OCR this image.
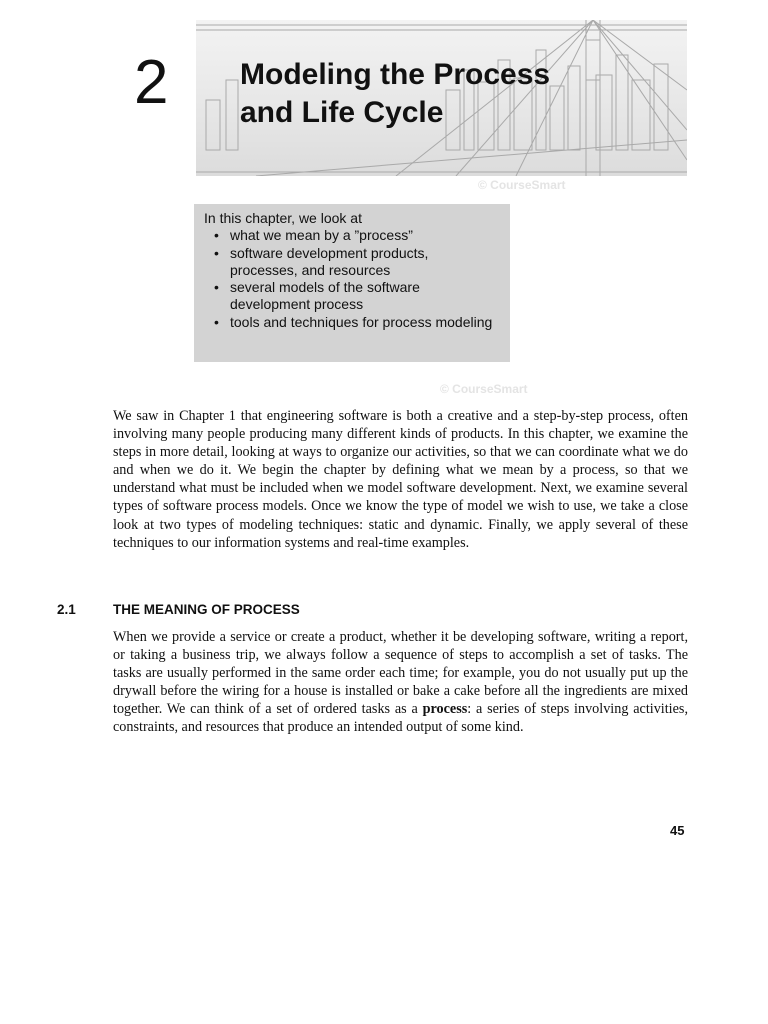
2 Modeling the Process
and Life Cycle
© CourseSmart
In this chapter, we look at
• what we mean by a ”process”
• software development products, processes, and resources
• several models of the software development process
• tools and techniques for process modeling
© CourseSmart

We saw in Chapter 1 that engineering software is both a creative and a step-by-step process, often involving many people producing many different kinds of products. In this chapter, we examine the steps in more detail, looking at ways to organize our activities, so that we can coordinate what we do and when we do it. We begin the chapter by defining what we mean by a process, so that we understand what must be included when we model software development. Next, we examine several types of software process models. Once we know the type of model we wish to use, we take a close look at two types of modeling techniques: static and dynamic. Finally, we apply several of these techniques to our information systems and real-time examples.

2.1	THE MEANING OF PROCESS

When we provide a service or create a product, whether it be developing software, writing a report, or taking a business trip, we always follow a sequence of steps to accomplish a set of tasks. The tasks are usually performed in the same order each time; for example, you do not usually put up the drywall before the wiring for a house is installed or bake a cake before all the ingredients are mixed together. We can think of a set of ordered tasks as a process: a series of steps involving activities, constraints, and resources that produce an intended output of some kind.

45
